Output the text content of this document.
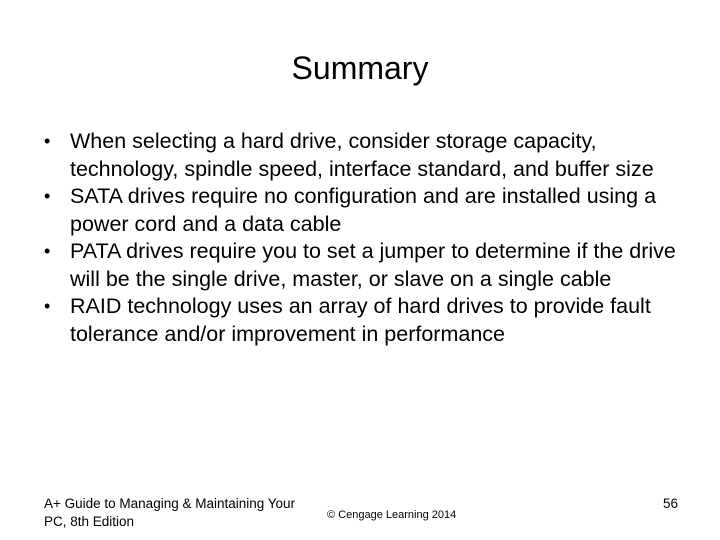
Summary
• When selecting a hard drive, consider storage capacity, technology, spindle speed, interface standard, and buffer size
• SATA drives require no configuration and are installed using a power cord and a data cable
• PATA drives require you to set a jumper to determine if the drive will be the single drive, master, or slave on a single cable
• RAID technology uses an array of hard drives to provide fault tolerance and/or improvement in performance
A+ Guide to Managing & Maintaining Your PC, 8th Edition	© Cengage Learning 2014
56
